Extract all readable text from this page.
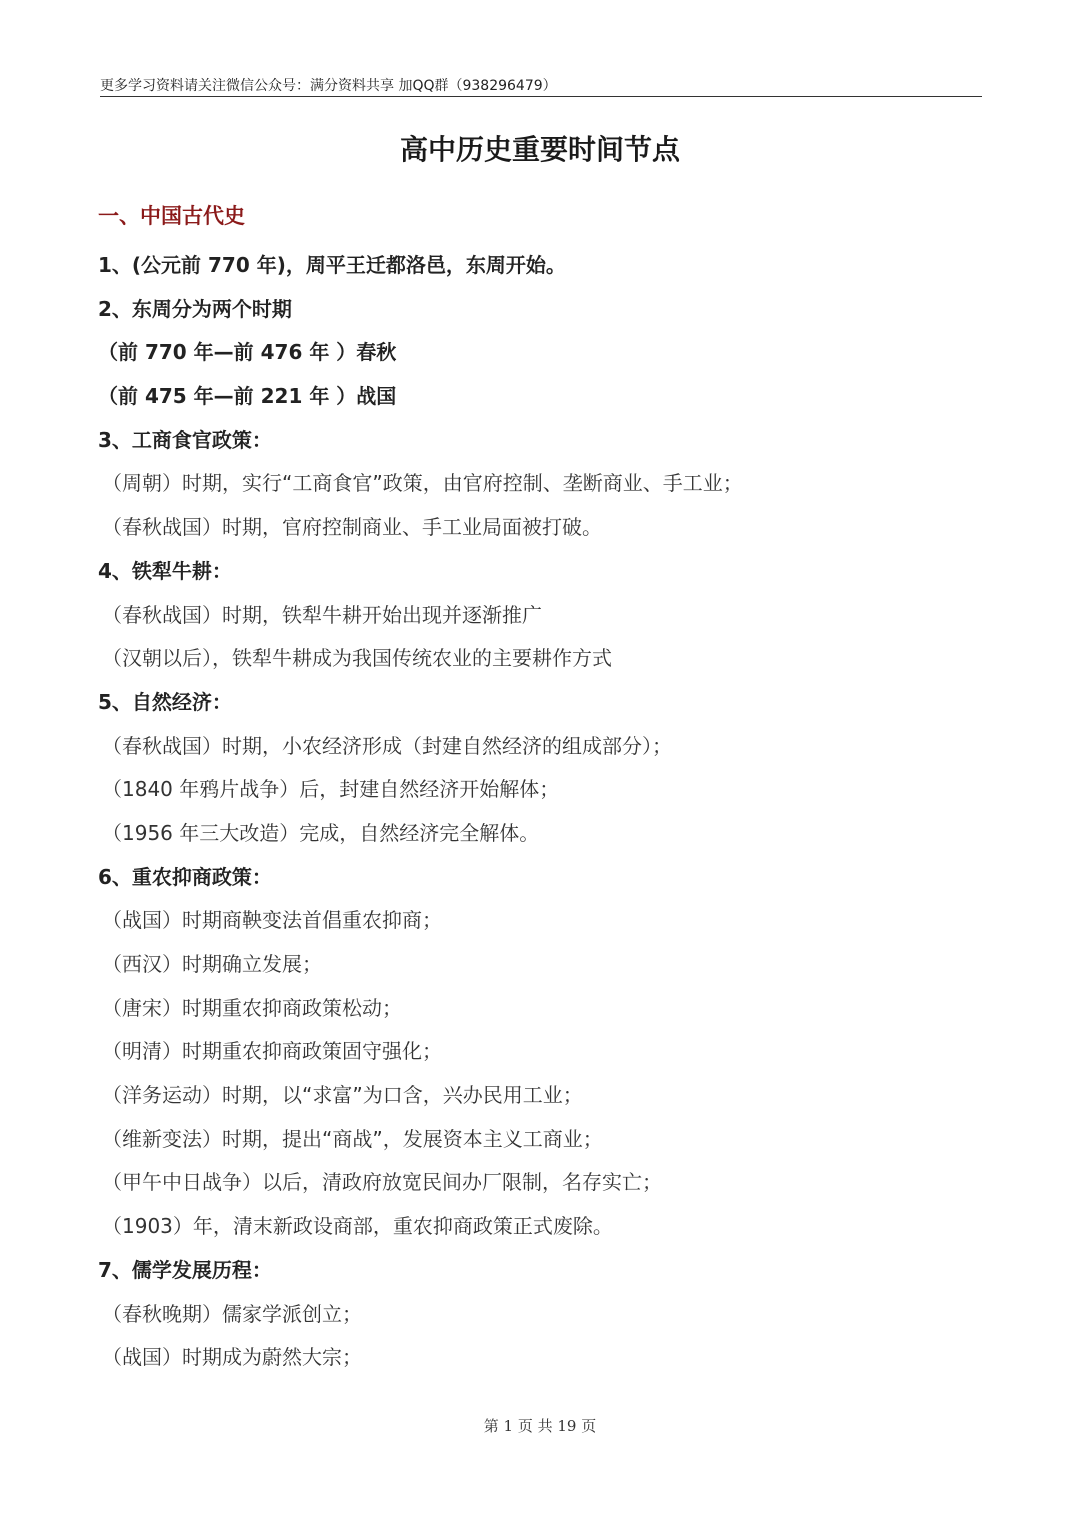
更多学习资料请关注微信公众号：满分资料共享 加QQ群（938296479）
高中历史重要时间节点
一、中国古代史
1、(公元前 770 年)，周平王迁都洛邑，东周开始。
2、东周分为两个时期
（前 770 年—前 476 年 ）春秋
（前 475 年—前 221 年 ）战国
3、工商食官政策：
（周朝）时期，实行“工商食官”政策，由官府控制、垄断商业、手工业；
（春秋战国）时期，官府控制商业、手工业局面被打破。
4、铁犁牛耕：
（春秋战国）时期，铁犁牛耕开始出现并逐渐推广
（汉朝以后），铁犁牛耕成为我国传统农业的主要耕作方式
5、自然经济：
（春秋战国）时期，小农经济形成（封建自然经济的组成部分）；
（1840 年鸦片战争）后，封建自然经济开始解体；
（1956 年三大改造）完成，自然经济完全解体。
6、重农抑商政策：
（战国）时期商鞅变法首倡重农抑商；
（西汉）时期确立发展；
（唐宋）时期重农抑商政策松动；
（明清）时期重农抑商政策固守强化；
（洋务运动）时期，以“求富”为口含，兴办民用工业；
（维新变法）时期，提出“商战”，发展资本主义工商业；
（甲午中日战争）以后，清政府放宽民间办厂限制，名存实亡；
（1903）年，清末新政设商部，重农抑商政策正式废除。
7、儒学发展历程：
（春秋晚期）儒家学派创立；
（战国）时期成为蔚然大宗；
第 1 页 共 19 页
